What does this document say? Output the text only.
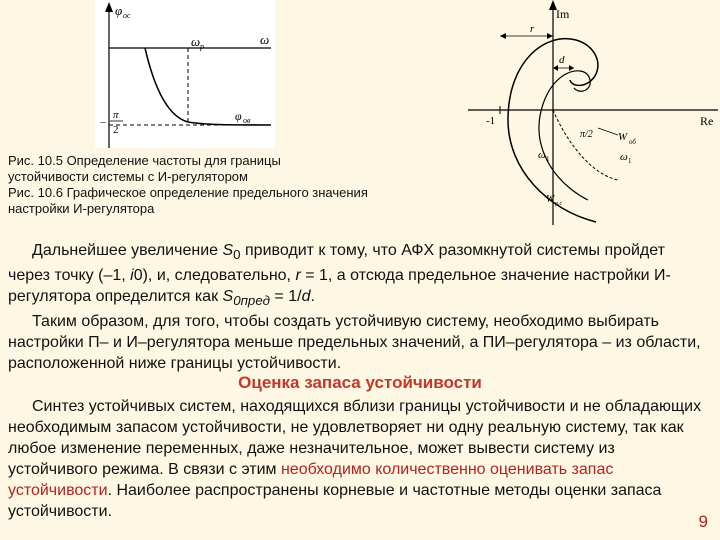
φ oc
ω
ω p
π
−
2
φ ов
Im
Re
-1
r
d
π/2 W об
ω 1	ω 1
W р.с
Рис. 10.5 Определение частоты для границы
устойчивости системы с И-регулятором
Рис. 10.6 Графическое определение предельного значения
настройки И-регулятора

Дальнейшее увеличение $S_0$ приводит к тому, что АФХ разомкнутой системы пройдет через точку (–1, i0), и, следовательно, r = 1, а отсюда предельное значение настройки И-регулятора определится как $S_{0пред} = 1/d$.

Таким образом, для того, чтобы создать устойчивую систему, необходимо выбирать настройки П– и И–регулятора меньше предельных значений, а ПИ–регулятора – из области, расположенной ниже границы устойчивости.

Оценка запаса устойчивости

Синтез устойчивых систем, находящихся вблизи границы устойчивости и не обладающих необходимым запасом устойчивости, не удовлетворяет ни одну реальную систему, так как любое изменение переменных, даже незначительное, может вывести систему из устойчивого режима. В связи с этим необходимо количественно оценивать запас устойчивости. Наиболее распространены корневые и частотные методы оценки запаса устойчивости.

9
